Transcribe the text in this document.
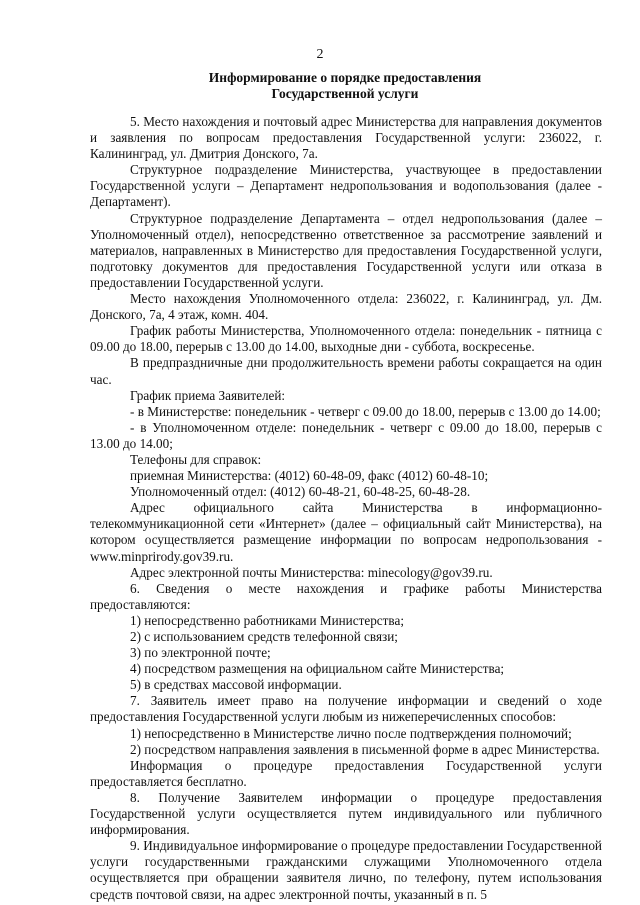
2
Информирование о порядке предоставления
Государственной услуги

5. Место нахождения и почтовый адрес Министерства для направления документов и заявления по вопросам предоставления Государственной услуги: 236022, г. Калининград, ул. Дмитрия Донского, 7а.

Структурное подразделение Министерства, участвующее в предоставлении Государственной услуги – Департамент недропользования и водопользования (далее - Департамент).

Структурное подразделение Департамента – отдел недропользования (далее – Уполномоченный отдел), непосредственно ответственное за рассмотрение заявлений и материалов, направленных в Министерство для предоставления Государственной услуги, подготовку документов для предоставления Государственной услуги или отказа в предоставлении Государственной услуги.

Место нахождения Уполномоченного отдела: 236022, г. Калининград, ул. Дм. Донского, 7а, 4 этаж, комн. 404.

График работы Министерства, Уполномоченного отдела: понедельник - пятница с 09.00 до 18.00, перерыв с 13.00 до 14.00, выходные дни - суббота, воскресенье.

В предпраздничные дни продолжительность времени работы сокращается на один час.

График приема Заявителей:

- в Министерстве: понедельник - четверг с 09.00 до 18.00, перерыв с 13.00 до 14.00;

- в Уполномоченном отделе: понедельник - четверг с 09.00 до 18.00, перерыв с 13.00 до 14.00;

Телефоны для справок:

приемная Министерства: (4012) 60-48-09, факс (4012) 60-48-10;

Уполномоченный отдел: (4012) 60-48-21, 60-48-25, 60-48-28.

Адрес официального сайта Министерства в информационно-телекоммуникационной сети «Интернет» (далее – официальный сайт Министерства), на котором осуществляется размещение информации по вопросам недропользования - www.minprirody.gov39.ru.

Адрес электронной почты Министерства: minecology@gov39.ru.

6. Сведения о месте нахождения и графике работы Министерства предоставляются:

1) непосредственно работниками Министерства;

2) с использованием средств телефонной связи;

3) по электронной почте;

4) посредством размещения на официальном сайте Министерства;

5) в средствах массовой информации.

7. Заявитель имеет право на получение информации и сведений о ходе предоставления Государственной услуги любым из нижеперечисленных способов:

1) непосредственно в Министерстве лично после подтверждения полномочий;

2) посредством направления заявления в письменной форме в адрес Министерства.

Информация о процедуре предоставления Государственной услуги предоставляется бесплатно.

8. Получение Заявителем информации о процедуре предоставления Государственной услуги осуществляется путем индивидуального или публичного информирования.

9. Индивидуальное информирование о процедуре предоставлении Государственной услуги государственными гражданскими служащими Уполномоченного отдела осуществляется при обращении заявителя лично, по телефону, путем использования средств почтовой связи, на адрес электронной почты, указанный в п. 5
